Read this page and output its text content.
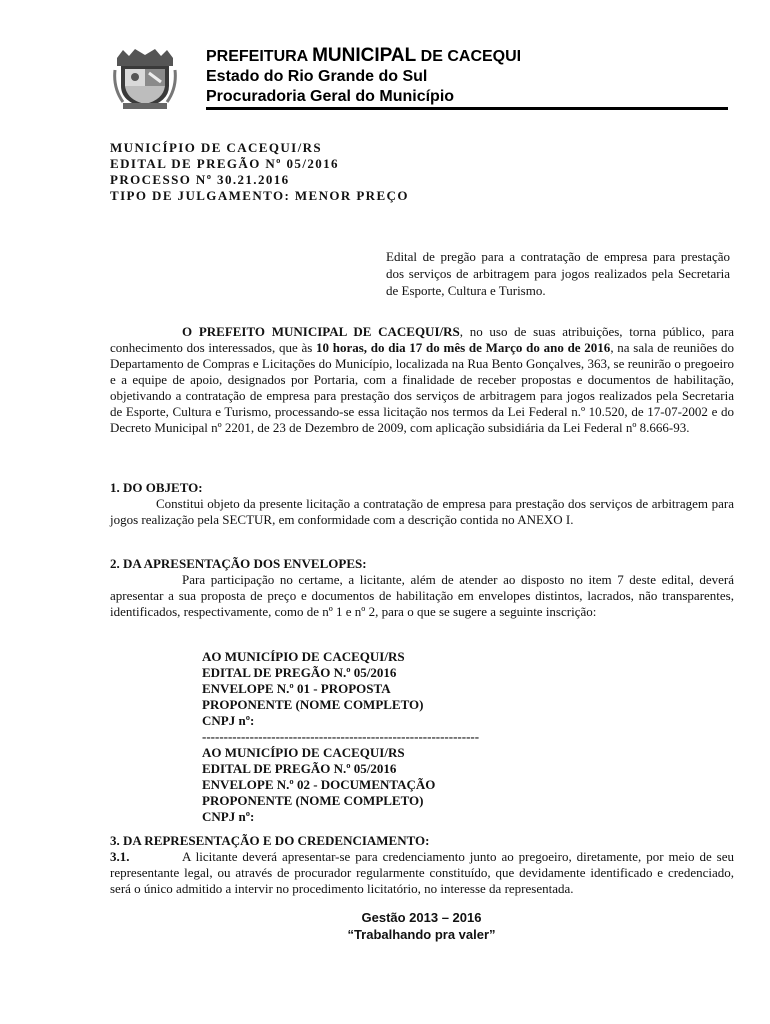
PREFEITURA MUNICIPAL DE CACEQUI
Estado do Rio Grande do Sul
Procuradoria Geral do Município
MUNICÍPIO DE CACEQUI/RS
EDITAL DE PREGÃO Nº 05/2016
PROCESSO Nº 30.21.2016
TIPO DE JULGAMENTO: MENOR PREÇO
Edital de pregão para a contratação de empresa para prestação dos serviços de arbitragem para jogos realizados pela Secretaria de Esporte, Cultura e Turismo.
O PREFEITO MUNICIPAL DE CACEQUI/RS, no uso de suas atribuições, torna público, para conhecimento dos interessados, que às 10 horas, do dia 17 do mês de Março do ano de 2016, na sala de reuniões do Departamento de Compras e Licitações do Município, localizada na Rua Bento Gonçalves, 363, se reunirão o pregoeiro e a equipe de apoio, designados por Portaria, com a finalidade de receber propostas e documentos de habilitação, objetivando a contratação de empresa para prestação dos serviços de arbitragem para jogos realizados pela Secretaria de Esporte, Cultura e Turismo, processando-se essa licitação nos termos da Lei Federal n.º 10.520, de 17-07-2002 e do Decreto Municipal nº 2201, de 23 de Dezembro de 2009, com aplicação subsidiária da Lei Federal nº 8.666-93.
1. DO OBJETO:
Constitui objeto da presente licitação a contratação de empresa para prestação dos serviços de arbitragem para jogos realização pela SECTUR, em conformidade com a descrição contida no ANEXO I.
2. DA APRESENTAÇÃO DOS ENVELOPES:
Para participação no certame, a licitante, além de atender ao disposto no item 7 deste edital, deverá apresentar a sua proposta de preço e documentos de habilitação em envelopes distintos, lacrados, não transparentes, identificados, respectivamente, como de nº 1 e nº 2, para o que se sugere a seguinte inscrição:
AO MUNICÍPIO DE CACEQUI/RS
EDITAL DE PREGÃO N.º 05/2016
ENVELOPE N.º 01 - PROPOSTA
PROPONENTE (NOME COMPLETO)
CNPJ nº:
----------------------------------------------------------------
AO MUNICÍPIO DE CACEQUI/RS
EDITAL DE PREGÃO N.º 05/2016
ENVELOPE N.º 02 - DOCUMENTAÇÃO
PROPONENTE (NOME COMPLETO)
CNPJ nº:
3. DA REPRESENTAÇÃO E DO CREDENCIAMENTO:
3.1.	A licitante deverá apresentar-se para credenciamento junto ao pregoeiro, diretamente, por meio de seu representante legal, ou através de procurador regularmente constituído, que devidamente identificado e credenciado, será o único admitido a intervir no procedimento licitatório, no interesse da representada.
Gestão 2013 – 2016
“Trabalhando pra valer”
